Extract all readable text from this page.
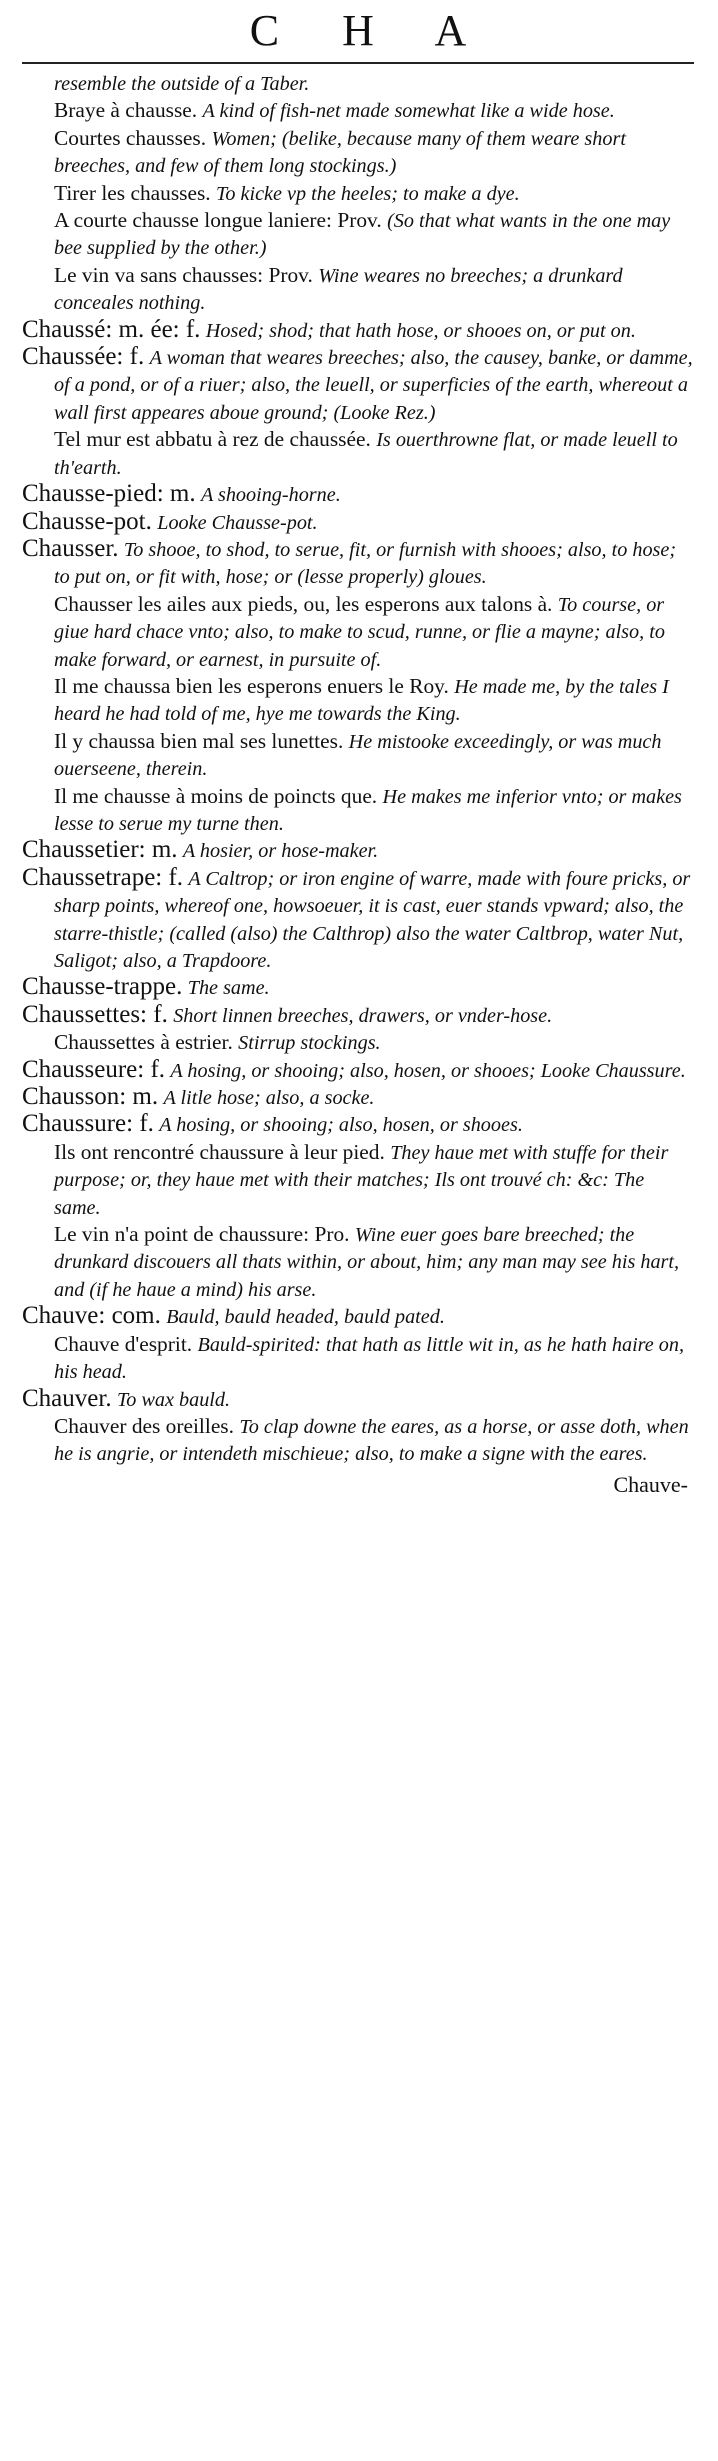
C H A

resemble the outside of a Taber.

Braye à chausse. A kind of fish-net made somewhat like a wide hose.

Courtes chausses. Women; (belike, because many of them weare short breeches, and few of them long stockings.)

Tirer les chausses. To kicke vp the heeles; to make a dye.

A courte chausse longue laniere: Prov. (So that what wants in the one may bee supplied by the other.)

Le vin va sans chausses: Prov. Wine weares no breeches; a drunkard conceales nothing.

Chaussé: m. ée: f. Hosed; shod; that hath hose, or shooes on, or put on.

Chaussée: f. A woman that weares breeches; also, the causey, banke, or damme, of a pond, or of a riuer; also, the leuell, or superficies of the earth, whereout a wall first appeares aboue ground; (Looke Rez.)

Tel mur est abbatu à rez de chaussée. Is ouerthrowne flat, or made leuell to th'earth.

Chausse-pied: m. A shooing-horne.

Chausse-pot. Looke Chausse-pot.

Chausser. To shooe, to shod, to serue, fit, or furnish with shooes; also, to hose; to put on, or fit with, hose; or (lesse properly) gloues.

Chausser les ailes aux pieds, ou, les esperons aux talons à. To course, or giue hard chace vnto; also, to make to scud, runne, or flie a mayne; also, to make forward, or earnest, in pursuite of.

Il me chaussa bien les esperons enuers le Roy. He made me, by the tales I heard he had told of me, hye me towards the King.

Il y chaussa bien mal ses lunettes. He mistooke exceedingly, or was much ouerseene, therein.

Il me chausse à moins de poincts que. He makes me inferior vnto; or makes lesse to serue my turne then.

Chaussetier: m. A hosier, or hose-maker.

Chaussetrape: f. A Caltrop; or iron engine of warre, made with foure pricks, or sharp points, whereof one, howsoeuer, it is cast, euer stands vpward; also, the starre-thistle; (called (also) the Calthrop) also the water Caltbrop, water Nut, Saligot; also, a Trapdoore.

Chausse-trappe. The same.

Chaussettes: f. Short linnen breeches, drawers, or vnder-hose.

Chaussettes à estrier. Stirrup stockings.

Chausseure: f. A hosing, or shooing; also, hosen, or shooes; Looke Chaussure.

Chausson: m. A litle hose; also, a socke.

Chaussure: f. A hosing, or shooing; also, hosen, or shooes.

Ils ont rencontré chaussure à leur pied. They haue met with stuffe for their purpose; or, they haue met with their matches; Ils ont trouvé ch: &c: The same.

Le vin n'a point de chaussure: Pro. Wine euer goes bare breeched; the drunkard discouers all thats within, or about, him; any man may see his hart, and (if he haue a mind) his arse.

Chauve: com. Bauld, bauld headed, bauld pated.

Chauve d'esprit. Bauld-spirited: that hath as little wit in, as he hath haire on, his head.

Chauver. To wax bauld.

Chauver des oreilles. To clap downe the eares, as a horse, or asse doth, when he is angrie, or intendeth mischieue; also, to make a signe with the eares.

Chauve-
